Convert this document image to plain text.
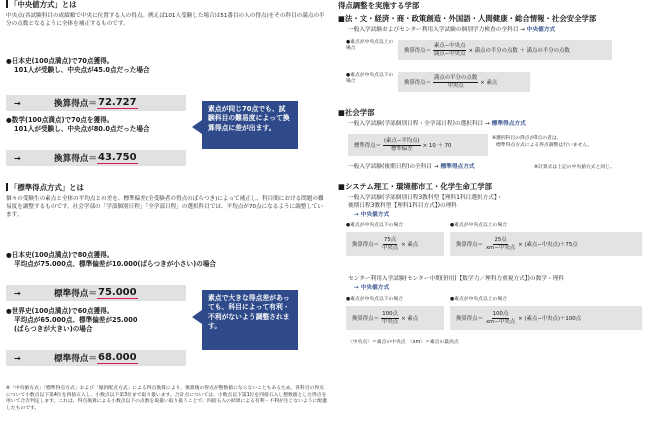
「中央値方式」とは
中央点(各試験科目の成績順で中央に位置する人の得点。例えば101人受験した場合は51番目の人の得点)をその科目の満点の半分の点数となるように全体を補正するものです。
●日本史(100点満点)で70点獲得。
101人が受験し、中央点が45.0点だった場合
→	換算得点＝ 72.727
●数学(100点満点)で70点を獲得。
101人が受験し、中央点が80.0点だった場合
→	換算得点＝ 43.750
素点が同じ70点でも、試験科目の難易度によって換算得点に差が出ます。
「標準得点方式」とは
個々の受験生の素点と全体の平均点との差を、標準偏差(全受験者の得点のばらつき)によって補正し、科目間における問題の難易度を調整するものです。社会学部の「学部個別日程」「全学部日程」の選択科目では、平均点が70点になるように調整しています。
●日本史(100点満点)で80点獲得。
平均点が75.000点、標準偏差が10.000(ばらつきが小さい)の場合
→	標準得点＝ 75.000
●世界史(100点満点)で60点獲得。
平均点が65.000点、標準偏差が25.000
(ばらつきが大きい)の場合
→	標準得点＝ 68.000
素点で大きな得点差があっても、科目によって有利・不利がないよう調整されます。
※「中央値方式」「標準得点方式」および「傾斜配点方式」による得点換算により、換算後の得点が整数値にならないこともあるため、各科目の得点について小数点以下第4位を四捨五入し、小数点以下第3位まで取り扱います。合計点については、小数点以下第1位を四捨五入し整数値とした得点を用いて合否判定します。これは、得点換算による小数点以下の点数を取扱い取り扱うことで、四捨五入の結果による有利・不利が生じないように配慮したものです。
得点調整を実施する学部
■法・文・経済・商・政策創造・外国語・人間健康・総合情報・社会安全学部
一般入学試験およびセンター利用入学試験の個別学力検査の全科目 → 中央値方式
●素点が中央点以上の場合	換算得点＝ $\frac{\text{素点−中央点}}{\text{満点−中央点}}$ × 満点の半分の点数 ＋ 満点の半分の点数
●素点が中央点以下の場合	換算得点＝ $\frac{\text{満点の半分の点数}}{\text{中央点}}$ × 素点
■社会学部
一般入学試験(学部個別日程・全学部日程)の選択科目 → 標準得点方式
標準得点＝ $\frac{\text{(素点−平均点)}}{\text{標準偏差}} \times 10 + 70$
※選択科目の得点が0点の者は、
標準得点方式による得点調整は行いません。
一般入学試験(後期日程)の全科目 → 標準得点方式	※計算式は上記の中央値方式と同じ。
■システム理工・環境都市工・化学生命工学部
一般入学試験(学部個別日程3教科型【理科1科目選択方式】・
後期日程3教科型【理科1科目方式】)の理科
→ 中央値方式
●素点が中央点以下の場合	●素点が中央点以上の場合
換算得点＝ $\frac{\text{75点}}{\text{中央点}}$ × 素点	換算得点＝ $\frac{\text{25点}}{\text{xm−中央点}}$ × (素点−中央点)＋75点
センター利用入学試験(センター中期(併用)【数学力／理科力重視方式】)の数学・理科
→ 中央値方式
●素点が中央点以下の場合	●素点が中央点以上の場合
換算得点＝ $\frac{\text{100点}}{\text{中央点}}$ × 素点	換算得点＝ $\frac{\text{100点}}{\text{xm−中央点}}$ × (素点−中央点)＋100点
〈中央点〉＝素点の中央点　〈xm〉＝素点の最高点
